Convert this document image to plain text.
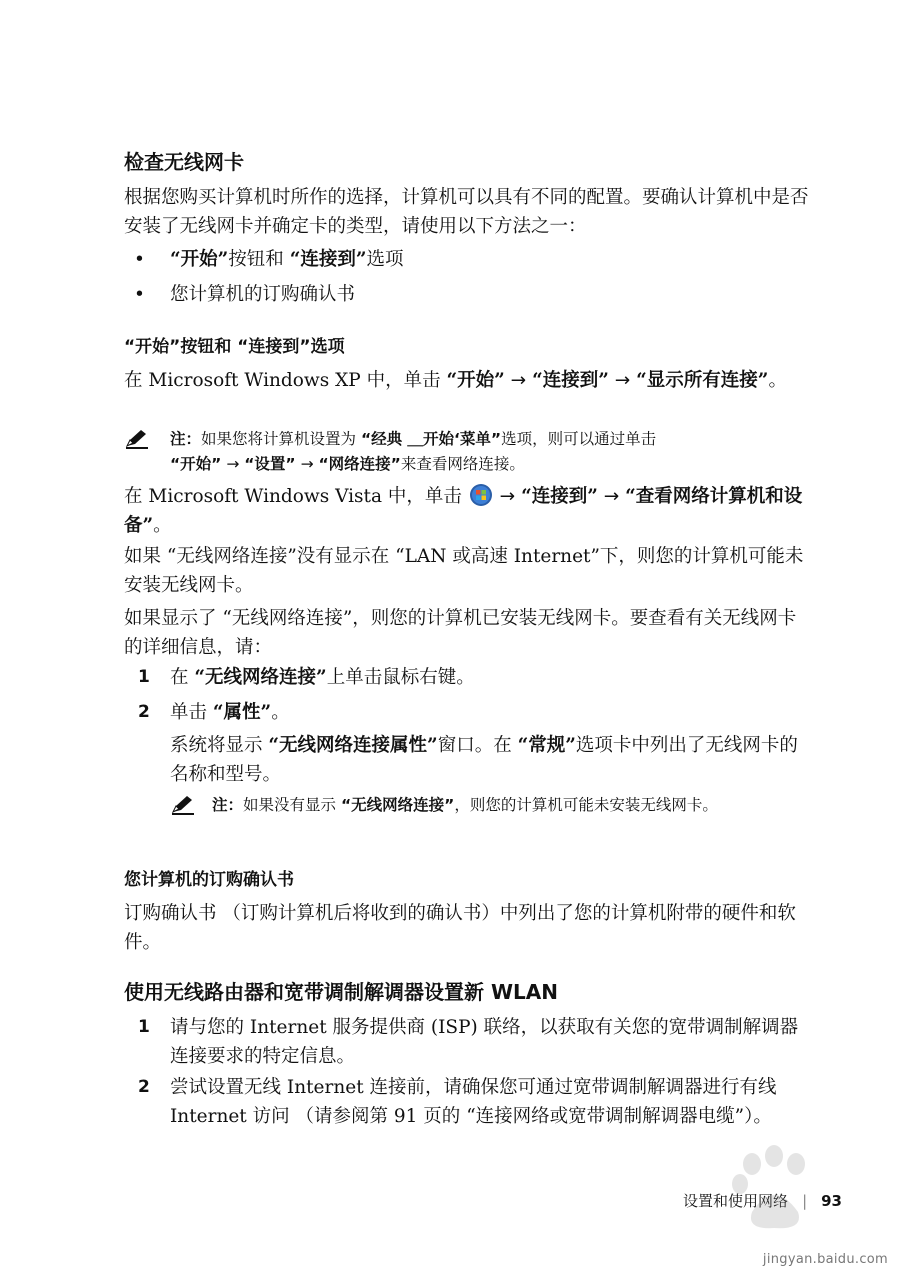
检查无线网卡
根据您购买计算机时所作的选择，计算机可以具有不同的配置。要确认计算机中是否安装了无线网卡并确定卡的类型，请使用以下方法之一：
• “开始”按钮和 “连接到”选项
• 您计算机的订购确认书
“开始”按钮和 “连接到”选项
在 Microsoft Windows XP 中，单击 “开始” → “连接到” → “显示所有连接”。
注：如果您将计算机设置为 “经典 ＿开始‘菜单”选项，则可以通过单击
“开始” → “设置” → “网络连接”来查看网络连接。
在 Microsoft Windows Vista 中，单击  → “连接到” → “查看网络计算机和设备”。
如果 “无线网络连接”没有显示在 “LAN 或高速 Internet”下，则您的计算机可能未安装无线网卡。
如果显示了 “无线网络连接”，则您的计算机已安装无线网卡。要查看有关无线网卡的详细信息，请：
1 在 “无线网络连接”上单击鼠标右键。
2 单击 “属性”。
系统将显示 “无线网络连接属性”窗口。在 “常规”选项卡中列出了无线网卡的名称和型号。
注：如果没有显示 “无线网络连接”，则您的计算机可能未安装无线网卡。
您计算机的订购确认书
订购确认书 （订购计算机后将收到的确认书）中列出了您的计算机附带的硬件和软件。
使用无线路由器和宽带调制解调器设置新 WLAN
1 请与您的 Internet 服务提供商 (ISP) 联络，以获取有关您的宽带调制解调器连接要求的特定信息。
2 尝试设置无线 Internet 连接前，请确保您可通过宽带调制解调器进行有线 Internet 访问 （请参阅第 91 页的 “连接网络或宽带调制解调器电缆”）。
设置和使用网络 | 93
jingyan.baidu.com
